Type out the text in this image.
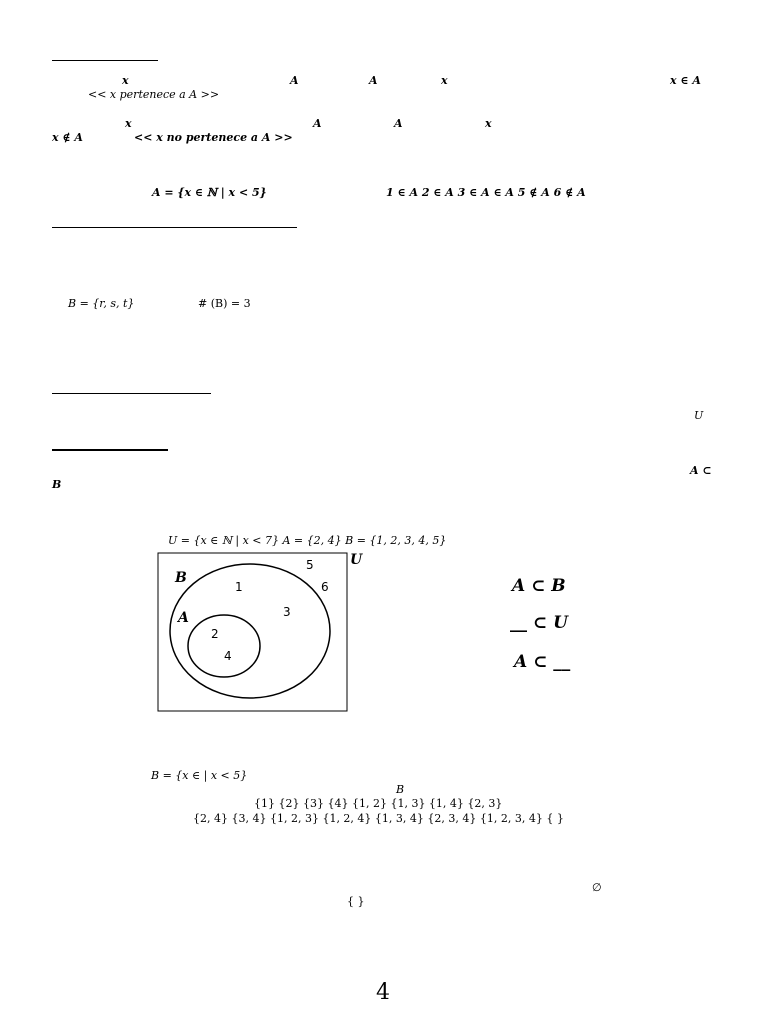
x	A	A	x	x ∈ A
<< x pertenece a A >>
x	A	A	x
x ∉ A	<< x no pertenece a A >>
A = {x ∈ ℕ | x < 5}	1 ∈ A 2 ∈ A 3 ∈ A ∈ A 5 ∉ A 6 ∉ A
B = {r, s, t}	# (B) = 3
U
A ⊂
B
U = {x ∈ ℕ | x < 7} A = {2, 4} B = {1, 2, 3, 4, 5}
B
A
1
2
3
4
5
6
U
A ⊂ B
__ ⊂ U
A ⊂ __
B = {x ∈ | x < 5}
B
{1} {2} {3} {4} {1, 2} {1, 3} {1, 4} {2, 3}
{2, 4} {3, 4} {1, 2, 3} {1, 2, 4} {1, 3, 4} {2, 3, 4} {1, 2, 3, 4} { }
∅
{ }
4
